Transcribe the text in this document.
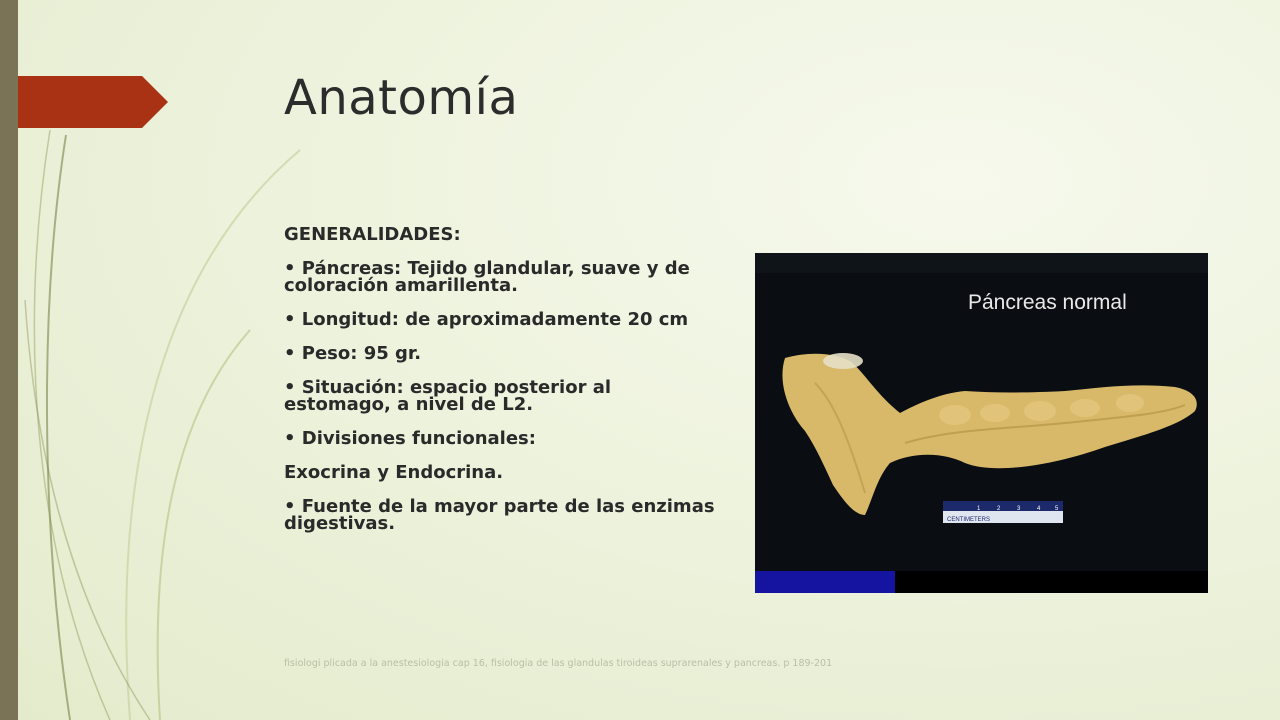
Anatomía

GENERALIDADES:

• Páncreas: Tejido glandular, suave y de coloración amarillenta.

• Longitud: de aproximadamente 20 cm

• Peso: 95 gr.

• Situación: espacio posterior al estomago, a nivel de L2.

• Divisiones funcionales:

Exocrina y Endocrina.

• Fuente de la mayor parte de las enzimas digestivas.

Páncreas normal
CENTIMETERS
1	2	3	4 5
fisiologi plicada a la anestesiologia cap 16, fisiologia de las glandulas tiroideas suprarenales y pancreas. p 189-201
